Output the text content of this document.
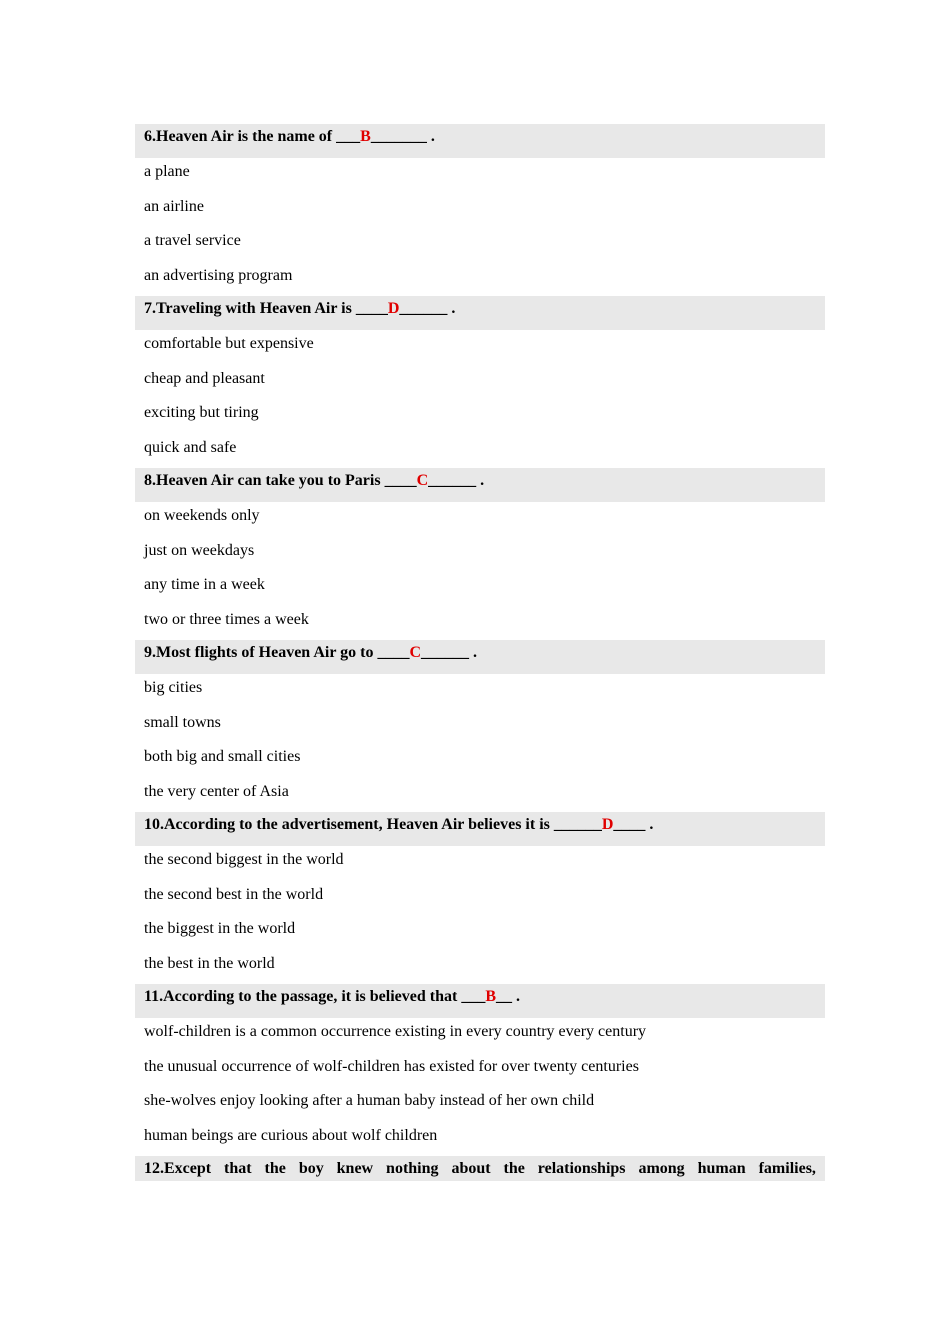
6.Heaven Air is the name of ___B_______ .
a plane
an airline
a travel service
an advertising program
7.Traveling with Heaven Air is ____D______ .
comfortable but expensive
cheap and pleasant
exciting but tiring
quick and safe
8.Heaven Air can take you to Paris ____C______ .
on weekends only
just on weekdays
any time in a week
two or three times a week
9.Most flights of Heaven Air go to ____C______ .
big cities
small towns
both big and small cities
the very center of Asia
10.According to the advertisement, Heaven Air believes it is ______D____ .
the second biggest in the world
the second best in the world
the biggest in the world
the best in the world
11.According to the passage, it is believed that ___B__ .
wolf-children is a common occurrence existing in every country every century
the unusual occurrence of wolf-children has existed for over twenty centuries
she-wolves enjoy looking after a human baby instead of her own child
human beings are curious about wolf children
12.Except that the boy knew nothing about the relationships among human families,
